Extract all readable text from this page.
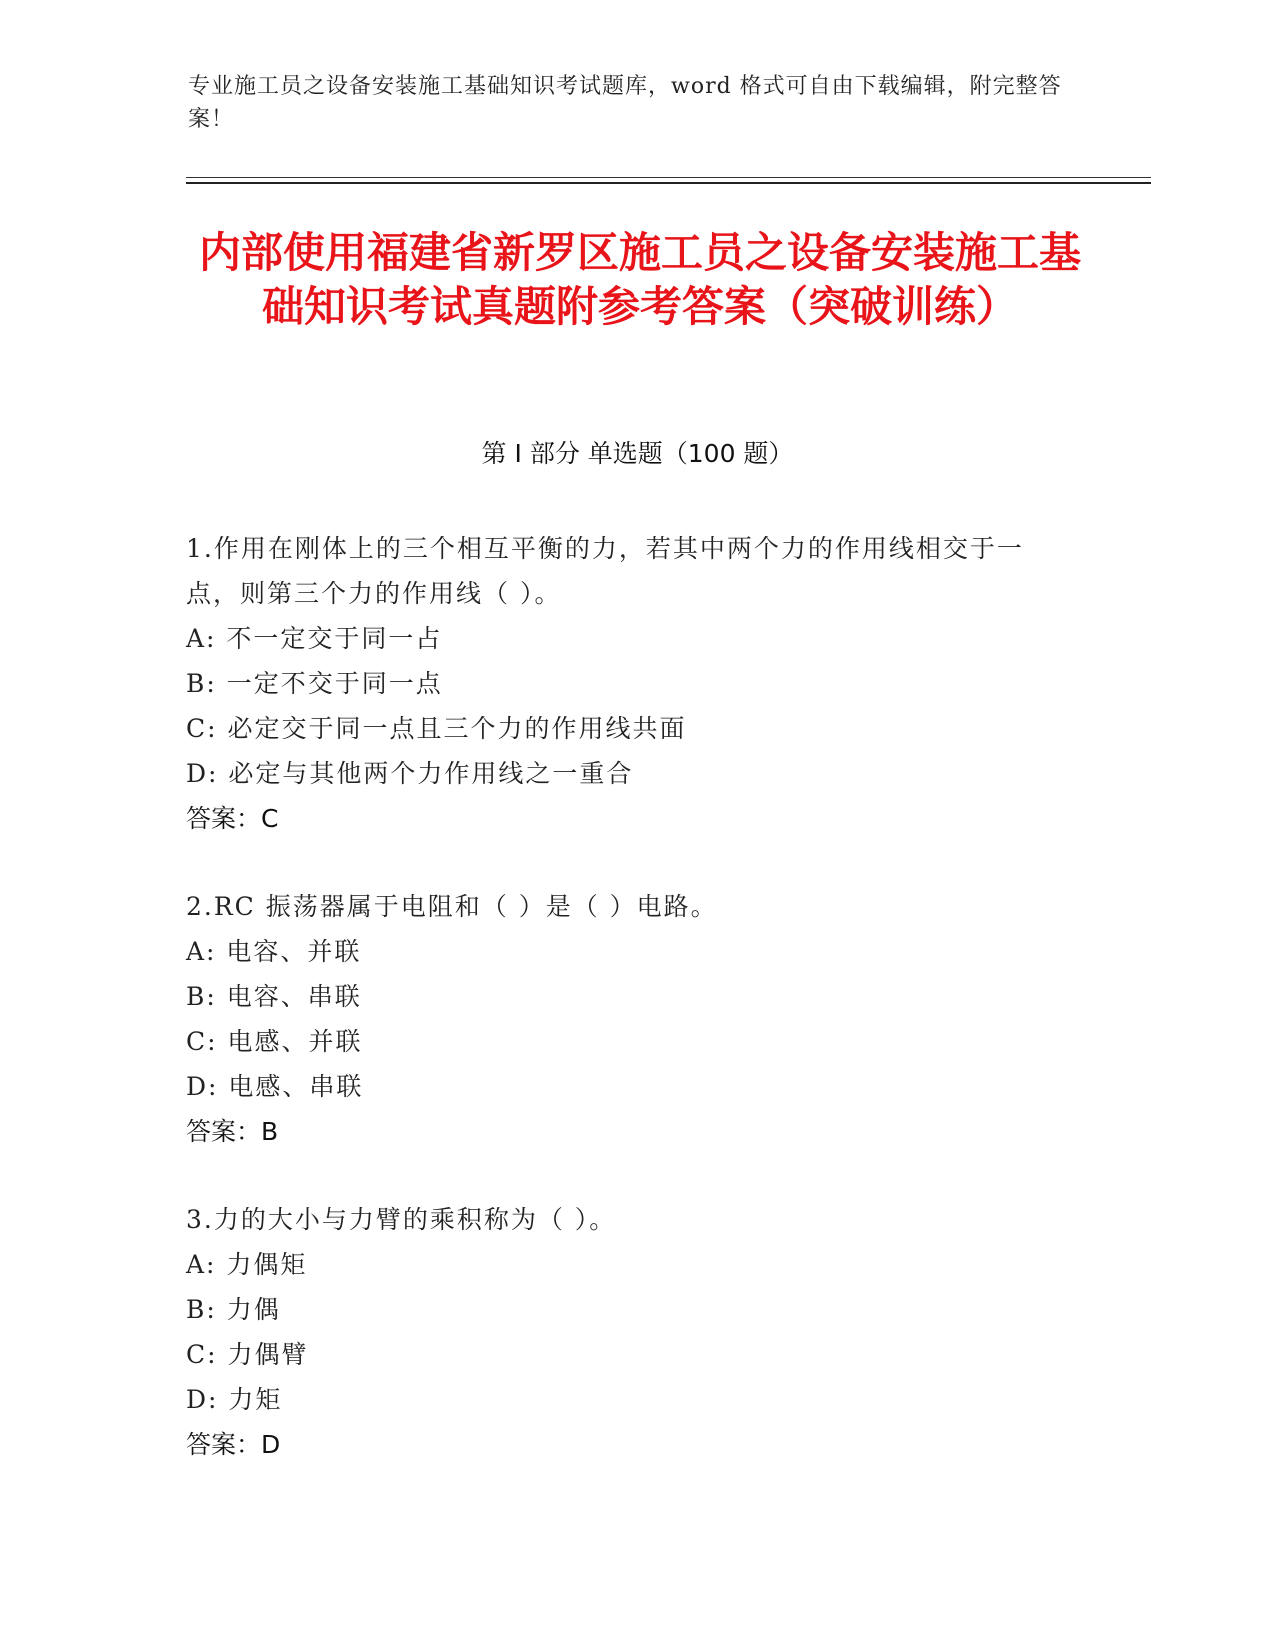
专业施工员之设备安装施工基础知识考试题库，word 格式可自由下载编辑，附完整答案！
内部使用福建省新罗区施工员之设备安装施工基础知识考试真题附参考答案（突破训练）
第 I 部分 单选题（100 题）
1.作用在刚体上的三个相互平衡的力，若其中两个力的作用线相交于一点，则第三个力的作用线（ ）。
A: 不一定交于同一占
B: 一定不交于同一点
C: 必定交于同一点且三个力的作用线共面
D: 必定与其他两个力作用线之一重合
答案：C
2.RC 振荡器属于电阻和（ ）是（ ）电路。
A: 电容、并联
B: 电容、串联
C: 电感、并联
D: 电感、串联
答案：B
3.力的大小与力臂的乘积称为（ ）。
A: 力偶矩
B: 力偶
C: 力偶臂
D: 力矩
答案：D
